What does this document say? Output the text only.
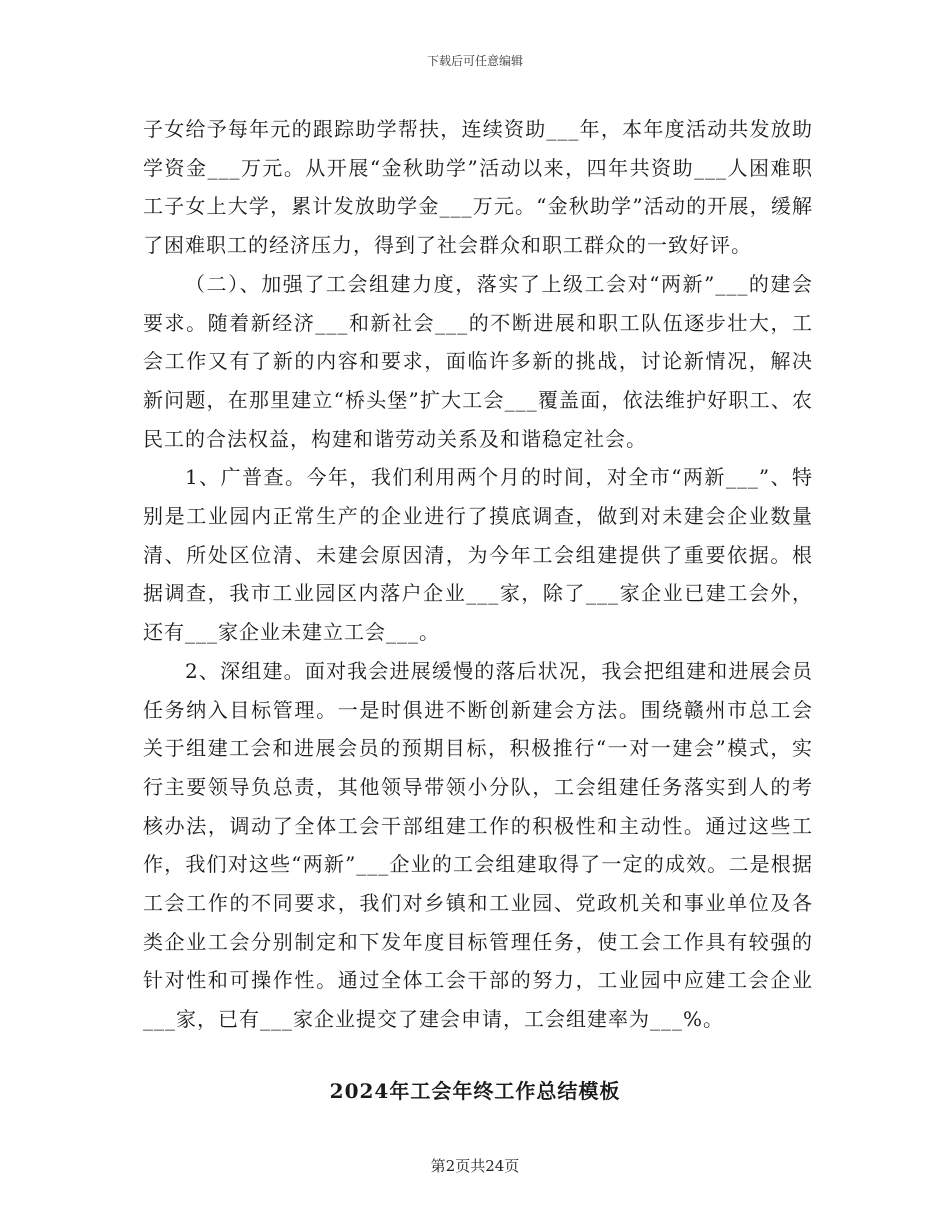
下载后可任意编辑

子女给予每年元的跟踪助学帮扶，连续资助___年，本年度活动共发放助学资金___万元。从开展“金秋助学”活动以来，四年共资助___人困难职工子女上大学，累计发放助学金___万元。“金秋助学”活动的开展，缓解了困难职工的经济压力，得到了社会群众和职工群众的一致好评。

（二）、加强了工会组建力度，落实了上级工会对“两新”___的建会要求。随着新经济___和新社会___的不断进展和职工队伍逐步壮大，工会工作又有了新的内容和要求，面临许多新的挑战，讨论新情况，解决新问题，在那里建立“桥头堡”扩大工会___覆盖面，依法维护好职工、农民工的合法权益，构建和谐劳动关系及和谐稳定社会。

1、广普查。今年，我们利用两个月的时间，对全市“两新___”、特别是工业园内正常生产的企业进行了摸底调查，做到对未建会企业数量清、所处区位清、未建会原因清，为今年工会组建提供了重要依据。根据调查，我市工业园区内落户企业___家，除了___家企业已建工会外，还有___家企业未建立工会___。

2、深组建。面对我会进展缓慢的落后状况，我会把组建和进展会员任务纳入目标管理。一是时俱进不断创新建会方法。围绕赣州市总工会关于组建工会和进展会员的预期目标，积极推行“一对一建会”模式，实行主要领导负总责，其他领导带领小分队，工会组建任务落实到人的考核办法，调动了全体工会干部组建工作的积极性和主动性。通过这些工作，我们对这些“两新”___企业的工会组建取得了一定的成效。二是根据工会工作的不同要求，我们对乡镇和工业园、党政机关和事业单位及各类企业工会分别制定和下发年度目标管理任务，使工会工作具有较强的针对性和可操作性。通过全体工会干部的努力，工业园中应建工会企业___家，已有___家企业提交了建会申请，工会组建率为___%。

2024年工会年终工作总结模板
第2页共24页
